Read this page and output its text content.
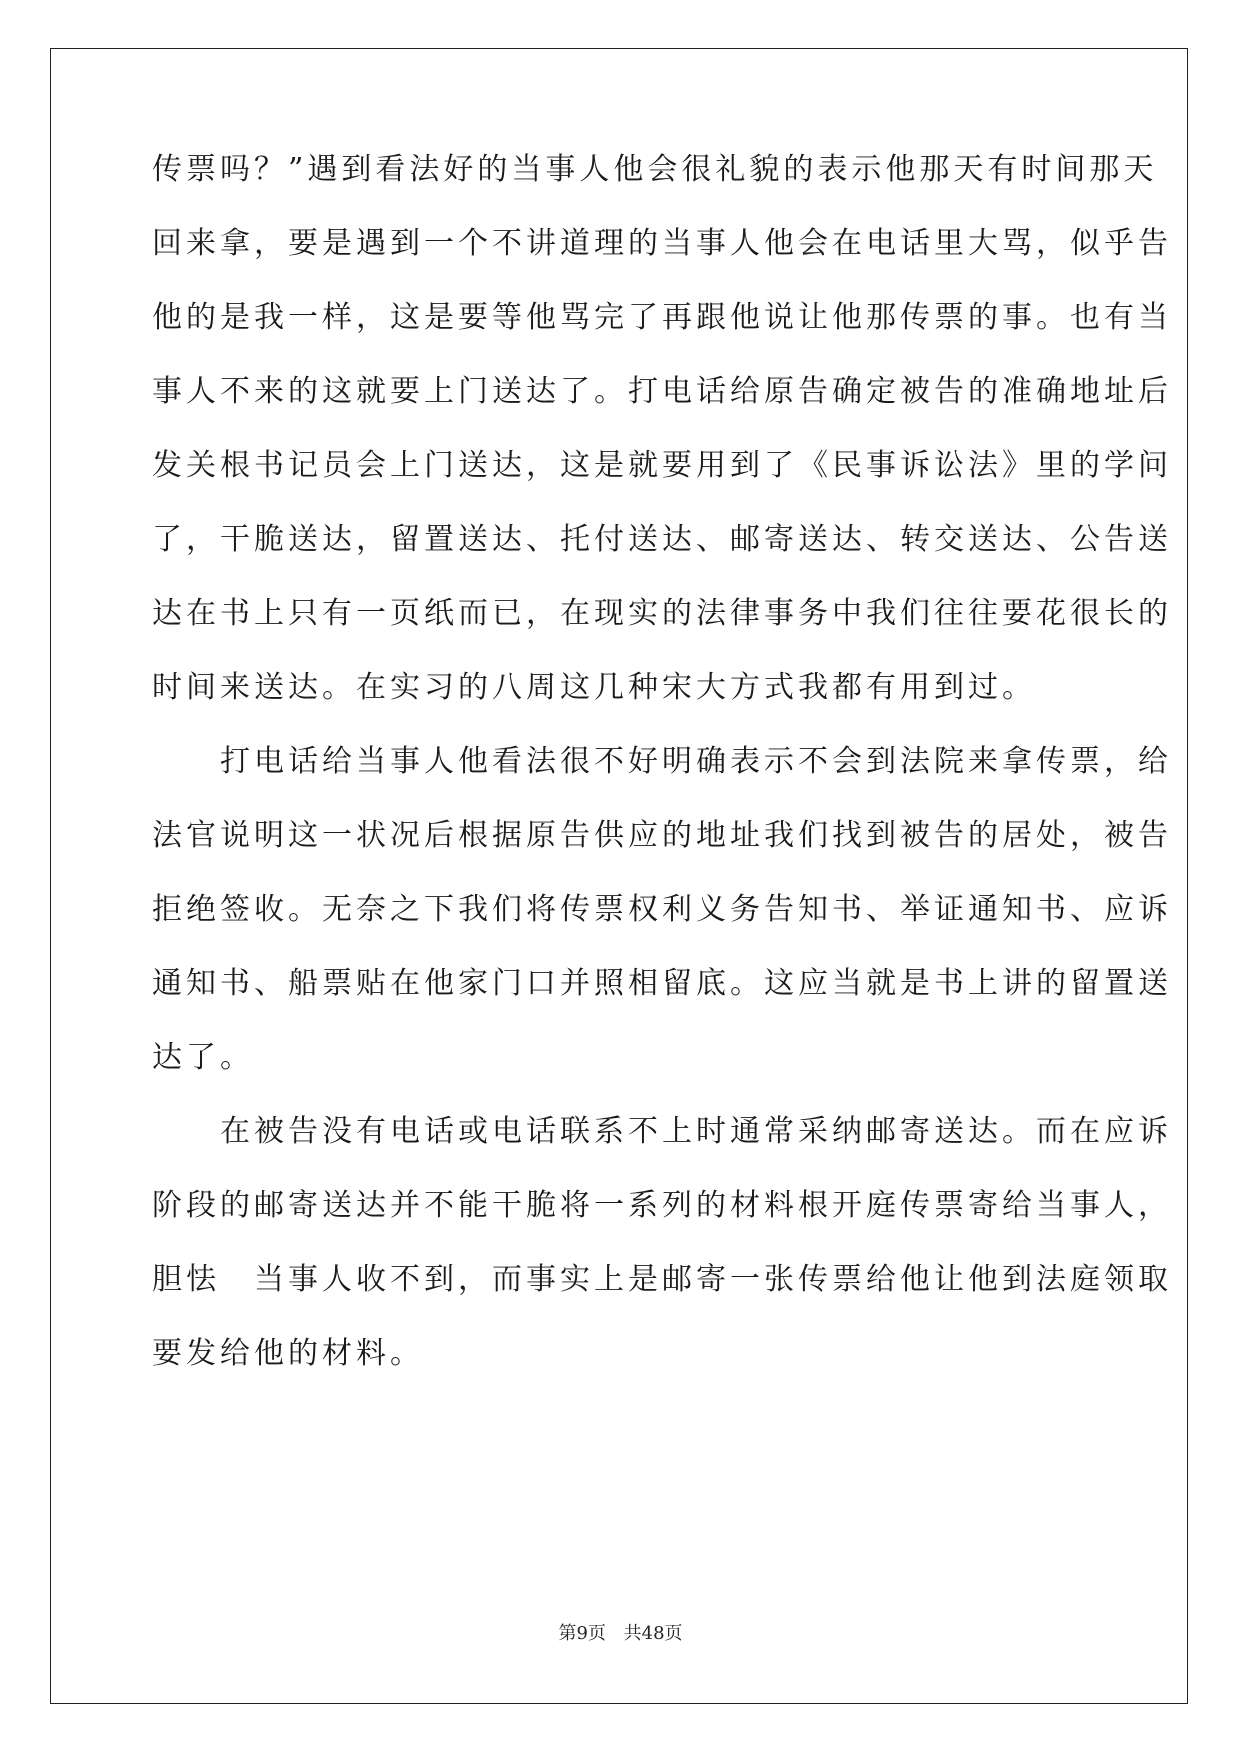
传票吗？”遇到看法好的当事人他会很礼貌的表示他那天有时间那天
回来拿，要是遇到一个不讲道理的当事人他会在电话里大骂，似乎告
他的是我一样，这是要等他骂完了再跟他说让他那传票的事。也有当
事人不来的这就要上门送达了。打电话给原告确定被告的准确地址后
发关根书记员会上门送达，这是就要用到了《民事诉讼法》里的学问
了，干脆送达，留置送达、托付送达、邮寄送达、转交送达、公告送
达在书上只有一页纸而已，在现实的法律事务中我们往往要花很长的
时间来送达。在实习的八周这几种宋大方式我都有用到过。
　　打电话给当事人他看法很不好明确表示不会到法院来拿传票，给
法官说明这一状况后根据原告供应的地址我们找到被告的居处，被告
拒绝签收。无奈之下我们将传票权利义务告知书、举证通知书、应诉
通知书、船票贴在他家门口并照相留底。这应当就是书上讲的留置送
达了。
　　在被告没有电话或电话联系不上时通常采纳邮寄送达。而在应诉
阶段的邮寄送达并不能干脆将一系列的材料根开庭传票寄给当事人，
胆怯　当事人收不到，而事实上是邮寄一张传票给他让他到法庭领取
要发给他的材料。
第9页 共48页
